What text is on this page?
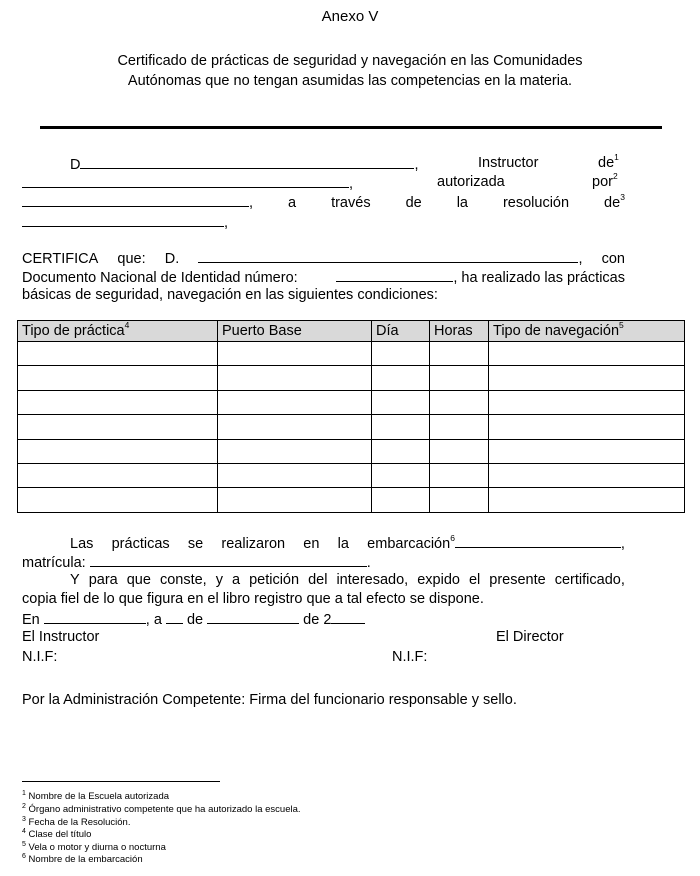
Anexo V
Certificado de prácticas de seguridad y navegación en las Comunidades
Autónomas que no tengan asumidas las competencias en la materia.
D	,	Instructor	$de^1$
,	autorizada	por$^2$
, a través de la resolución $de^3$
,
CERTIFICA que: D.	, con
Documento Nacional de Identidad número:	, ha realizado las prácticas
básicas de seguridad, navegación en las siguientes condiciones:
Tipo de práctica$^4$	Puerto Base	Día	Horas	Tipo de navegación$^5$

Las prácticas se realizaron en la embarcación$^6$	,
matrícula:	.
Y para que conste, y a petición del interesado, expido el presente certificado,
copia fiel de lo que figura en el libro registro que a tal efecto se dispone.
En	, a de	de 2
El Instructor	El Director
N.I.F:	N.I.F:
Por la Administración Competente: Firma del funcionario responsable y sello.
$^1$ Nombre de la Escuela autorizada
$^2$ Órgano administrativo competente que ha autorizado la escuela.
$^3$ Fecha de la Resolución.
$^4$ Clase del título
$^5$ Vela o motor y diurna o nocturna
$^6$ Nombre de la embarcación
